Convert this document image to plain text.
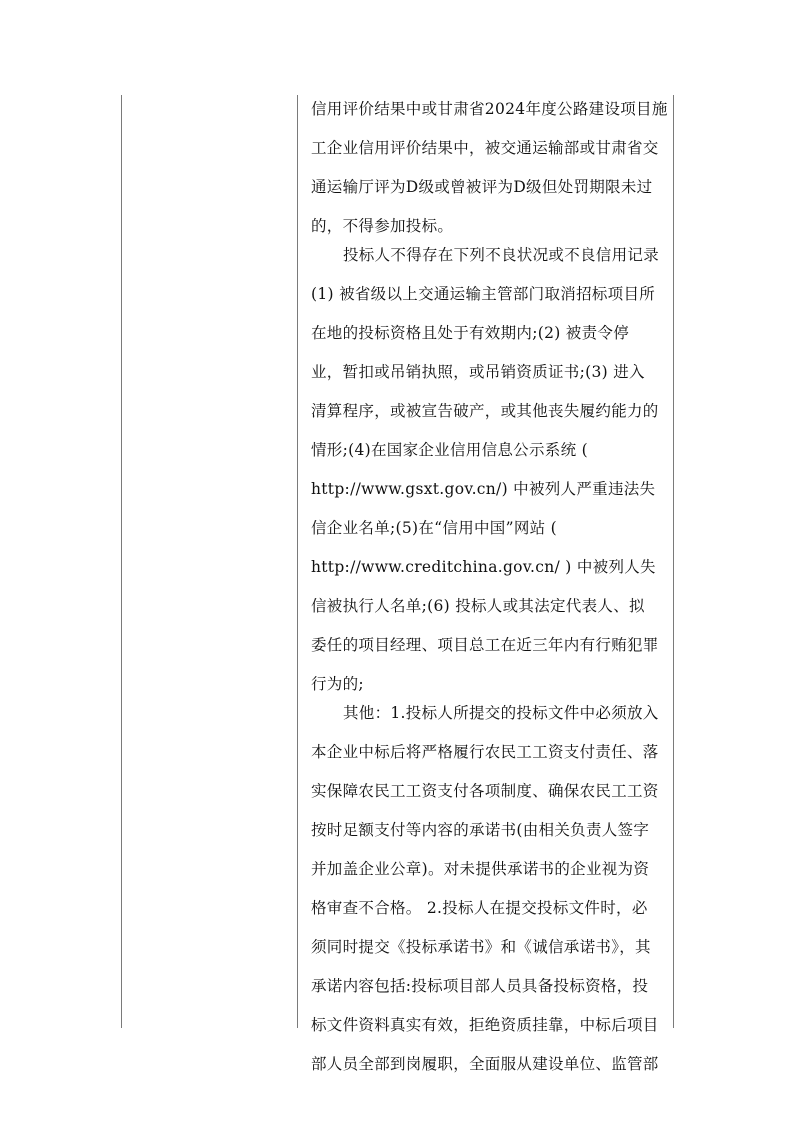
信用评价结果中或甘肃省2024年度公路建设项目施
工企业信用评价结果中，被交通运输部或甘肃省交
通运输厅评为D级或曾被评为D级但处罚期限未过
的，不得参加投标。
投标人不得存在下列不良状况或不良信用记录
(1) 被省级以上交通运输主管部门取消招标项目所
在地的投标资格且处于有效期内;(2) 被责令停
业，暂扣或吊销执照，或吊销资质证书;(3) 进入
清算程序，或被宣告破产，或其他丧失履约能力的
情形;(4)在国家企业信用信息公示系统 (
http://www.gsxt.gov.cn/) 中被列人严重违法失
信企业名单;(5)在“信用中国”网站 (
http://www.creditchina.gov.cn/ ) 中被列人失
信被执行人名单;(6) 投标人或其法定代表人、拟
委任的项目经理、项目总工在近三年内有行贿犯罪
行为的;
其他：1.投标人所提交的投标文件中必须放入
本企业中标后将严格履行农民工工资支付责任、落
实保障农民工工资支付各项制度、确保农民工工资
按时足额支付等内容的承诺书(由相关负责人签字
并加盖企业公章)。对未提供承诺书的企业视为资
格审查不合格。 2.投标人在提交投标文件时，必
须同时提交《投标承诺书》和《诚信承诺书》，其
承诺内容包括:投标项目部人员具备投标资格，投
标文件资料真实有效，拒绝资质挂靠，中标后项目
部人员全部到岗履职，全面服从建设单位、监管部
